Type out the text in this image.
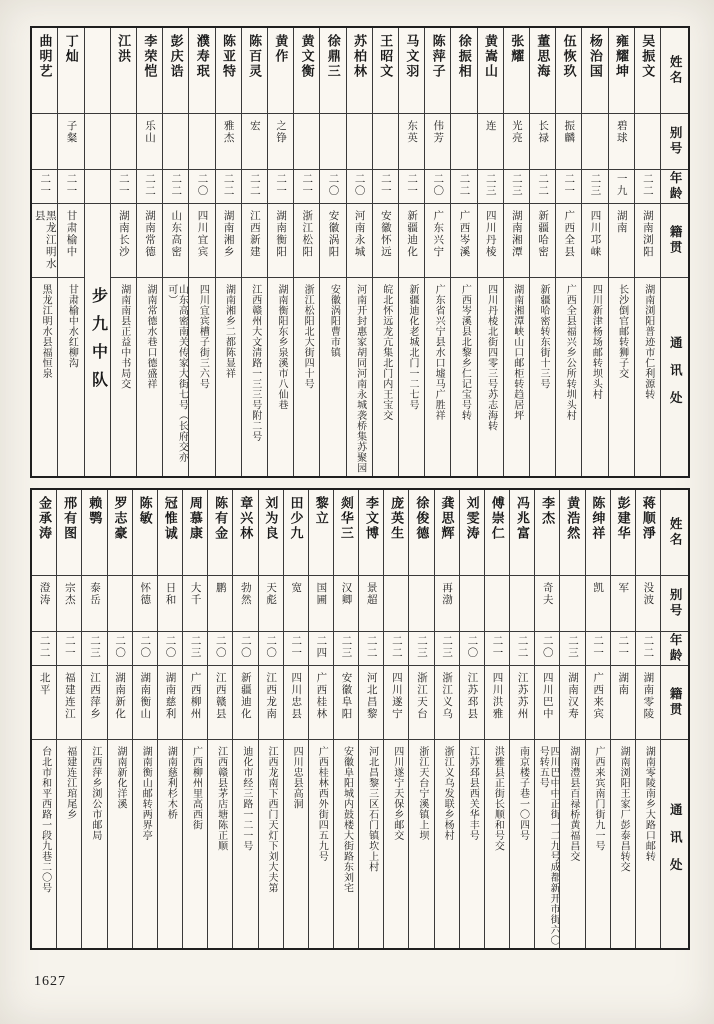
姓名
别号
年龄
籍贯
通讯处
吴振文
二二
湖南浏阳
湖南浏阳普迹市仁利源转
雍耀坤
碧球
一九
湖南
长沙倒官邮转狮子交
杨治国
二三
四川邛崃
四川新津杨场邮转坝头村
伍恢玖
振麟
二一
广西全县
广西全县福兴乡公所转圳头村
董思海
长禄
二二
新疆哈密
新疆哈密转东街十三号
张耀
光亮
二三
湖南湘潭
湖南湘潭峡山口邮柜转趋居坪
黄嵩山
连
二三
四川丹棱
四川丹棱北街四零三号苏志海转
徐振相
二二
广西岑溪
广西岑溪县北黎乡仁记宝号转
陈萍子
伟芳
二〇
广东兴宁
广东省兴宁县水口墟马广胜祥
马文羽
东英
二一
新疆迪化
新疆迪化老城北门一二七号
王昭文
二一
安徽怀远
皖北怀远龙亢集北门内王宝交
苏柏林
二〇
河南永城
河南开封惠家胡同河南永城袭桥集苏聚园
徐鼎三
二〇
安徽涡阳
安徽涡阳曹市镇
黄文衡
二一
浙江松阳
浙江松阳北大街四十号
黄作
之铮
二一
湖南衡阳
湖南衡阳东乡泉溪市八仙巷
陈百灵
宏
二二
江西新建
江西赣州大文清路一三三号附二号
陈亚特
雅杰
二二
湖南湘乡
湖南湘乡二都陈显祥
濮寿珉
二〇
四川宜宾
四川宜宾槽子街三六号
彭庆诰
二二
山东高密
山东高密南关传家大街七号（长府交亦可）
李荣恺
乐山
二二
湖南常德
湖南常德水巷口德盛祥
江洪
二一
湖南长沙
湖南南县正益中书局交
步九中队
丁灿
子粲
二一
甘肃榆中
甘肃榆中水红柳沟
曲明艺
二一
黑龙江明水县
黑龙江明水县福恒泉
姓名
别号
年龄
籍贯
通讯处
蒋顺淨
没波
二二
湖南零陵
湖南零陵南乡大路口邮转
彭建华
军
二一
湖南
湖南浏阳王家厂彭泰昌转交
陈绅祥
凯
二一
广西来宾
广西来宾南门街九一号
黄浩然
二三
湖南汉寿
湖南澧县百禄桥黄福昌交
李杰
奇夫
二〇
四川巴中
四川巴中中正街一二九号成都新开市街六〇号转五号
冯兆富
二二
江苏苏州
南京楼子巷一〇四号
傅崇仁
二一
四川洪雅
洪雅县正街长顺和号交
刘雯涛
二〇
江苏邳县
江苏邳县西关华丰号
龚思辉
再渤
二三
浙江义乌
浙江义乌发联乡杨村
徐俊德
二三
浙江天台
浙江天台宁溪镇上坝
庞英生
二二
四川遂宁
四川遂宁天保乡邮交
李文博
景超
二二
河北昌黎
河北昌黎三区石门镇坎上村
剡华三
汉卿
二三
安徽阜阳
安徽阜阳城内鼓楼大街路东刘宅
黎立
国圃
二四
广西桂林
广西桂林西外街四五九号
田少九
宽
二一
四川忠县
四川忠县高洞
刘为良
天彪
二〇
江西龙南
江西龙南下西门天灯下刘大夫第
章兴林
勃然
二〇
新疆迪化
迪化市经三路一二一号
陈有金
鹏
二〇
江西赣县
江西赣县茅店塘陈正顺
周慕康
大千
二三
广西柳州
广西柳州里高西街
冠惟诚
日和
二〇
湖南慈利
湖南慈利杉木桥
陈敏
怀德
二〇
湖南衡山
湖南衡山邮转两界亭
罗志豪
二〇
湖南新化
湖南新化洋溪
赖鹗
泰岳
二三
江西萍乡
江西萍乡浏公市邮局
邢有图
宗杰
二一
福建连江
福建连江琯尾乡
金承涛
澄涛
二二
北平
台北市和平西路一段九巷二〇号
1627
